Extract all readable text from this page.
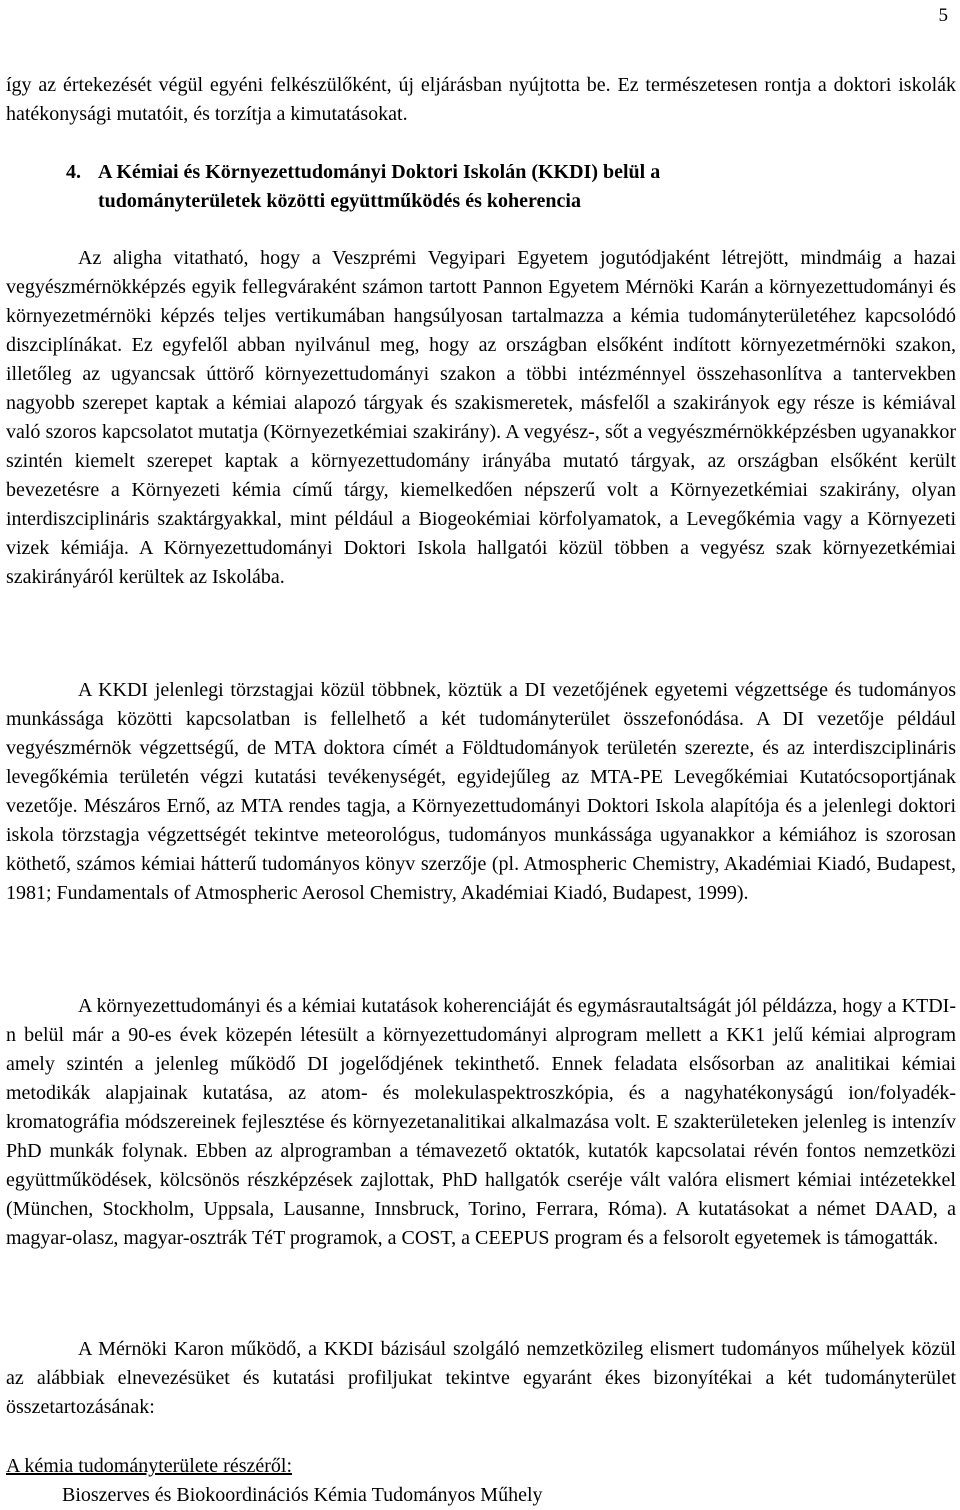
5

így az értekezését végül egyéni felkészülőként, új eljárásban nyújtotta be. Ez természetesen rontja a doktori iskolák hatékonysági mutatóit, és torzítja a kimutatásokat.

4. A Kémiai és Környezettudományi Doktori Iskolán (KKDI) belül a
tudományterületek közötti együttműködés és koherencia

Az aligha vitatható, hogy a Veszprémi Vegyipari Egyetem jogutódjaként létrejött, mindmáig a hazai vegyészmérnökképzés egyik fellegváraként számon tartott Pannon Egyetem Mérnöki Karán a környezettudományi és környezetmérnöki képzés teljes vertikumában hangsúlyosan tartalmazza a kémia tudományterületéhez kapcsolódó diszciplínákat. Ez egyfelől abban nyilvánul meg, hogy az országban elsőként indított környezetmérnöki szakon, illetőleg az ugyancsak úttörő környezettudományi szakon a többi intézménnyel összehasonlítva a tantervekben nagyobb szerepet kaptak a kémiai alapozó tárgyak és szakismeretek, másfelől a szakirányok egy része is kémiával való szoros kapcsolatot mutatja (Környezetkémiai szakirány). A vegyész-, sőt a vegyészmérnökképzésben ugyanakkor szintén kiemelt szerepet kaptak a környezettudomány irányába mutató tárgyak, az országban elsőként került bevezetésre a Környezeti kémia című tárgy, kiemelkedően népszerű volt a Környezetkémiai szakirány, olyan interdiszciplináris szaktárgyakkal, mint például a Biogeokémiai körfolyamatok, a Levegőkémia vagy a Környezeti vizek kémiája. A Környezettudományi Doktori Iskola hallgatói közül többen a vegyész szak környezetkémiai szakirányáról kerültek az Iskolába.

A KKDI jelenlegi törzstagjai közül többnek, köztük a DI vezetőjének egyetemi végzettsége és tudományos munkássága közötti kapcsolatban is fellelhető a két tudományterület összefonódása. A DI vezetője például vegyészmérnök végzettségű, de MTA doktora címét a Földtudományok területén szerezte, és az interdiszciplináris levegőkémia területén végzi kutatási tevékenységét, egyidejűleg az MTA-PE Levegőkémiai Kutatócsoportjának vezetője. Mészáros Ernő, az MTA rendes tagja, a Környezettudományi Doktori Iskola alapítója és a jelenlegi doktori iskola törzstagja végzettségét tekintve meteorológus, tudományos munkássága ugyanakkor a kémiához is szorosan köthető, számos kémiai hátterű tudományos könyv szerzője (pl. Atmospheric Chemistry, Akadémiai Kiadó, Budapest, 1981; Fundamentals of Atmospheric Aerosol Chemistry, Akadémiai Kiadó, Budapest, 1999).

A környezettudományi és a kémiai kutatások koherenciáját és egymásrautaltságát jól példázza, hogy a KTDI-n belül már a 90-es évek közepén létesült a környezettudományi alprogram mellett a KK1 jelű kémiai alprogram amely szintén a jelenleg működő DI jogelődjének tekinthető. Ennek feladata elsősorban az analitikai kémiai metodikák alapjainak kutatása, az atom- és molekulaspektroszkópia, és a nagyhatékonyságú ion/folyadék-kromatográfia módszereinek fejlesztése és környezetanalitikai alkalmazása volt. E szakterületeken jelenleg is intenzív PhD munkák folynak. Ebben az alprogramban a témavezető oktatók, kutatók kapcsolatai révén fontos nemzetközi együttműködések, kölcsönös részképzések zajlottak, PhD hallgatók cseréje vált valóra elismert kémiai intézetekkel (München, Stockholm, Uppsala, Lausanne, Innsbruck, Torino, Ferrara, Róma). A kutatásokat a német DAAD, a magyar-olasz, magyar-osztrák TéT programok, a COST, a CEEPUS program és a felsorolt egyetemek is támogatták.

A Mérnöki Karon működő, a KKDI bázisául szolgáló nemzetközileg elismert tudományos műhelyek közül az alábbiak elnevezésüket és kutatási profiljukat tekintve egyaránt ékes bizonyítékai a két tudományterület összetartozásának:

A kémia tudományterülete részéről:
Bioszerves és Biokoordinációs Kémia Tudományos Műhely
